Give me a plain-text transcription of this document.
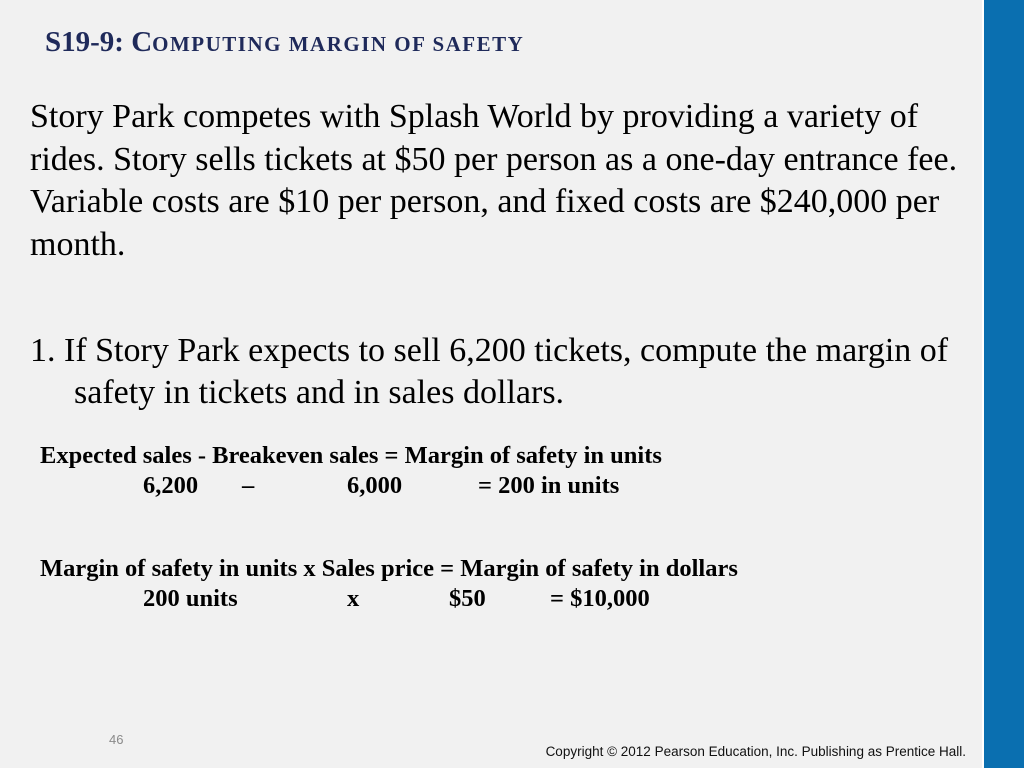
S19-9: COMPUTING MARGIN OF SAFETY

Story Park competes with Splash World by providing a variety of rides. Story sells tickets at $50 per person as a one-day entrance fee. Variable costs are $10 per person, and fixed costs are $240,000 per month.

1. If Story Park expects to sell 6,200 tickets, compute the margin of safety in tickets and in sales dollars.

Expected sales - Breakeven sales = Margin of safety in units
6,200 –	6,000	= 200 in units
Margin of safety in units x Sales price = Margin of safety in dollars
200 units	x	$50	= $10,000
46
Copyright © 2012 Pearson Education, Inc. Publishing as Prentice Hall.
